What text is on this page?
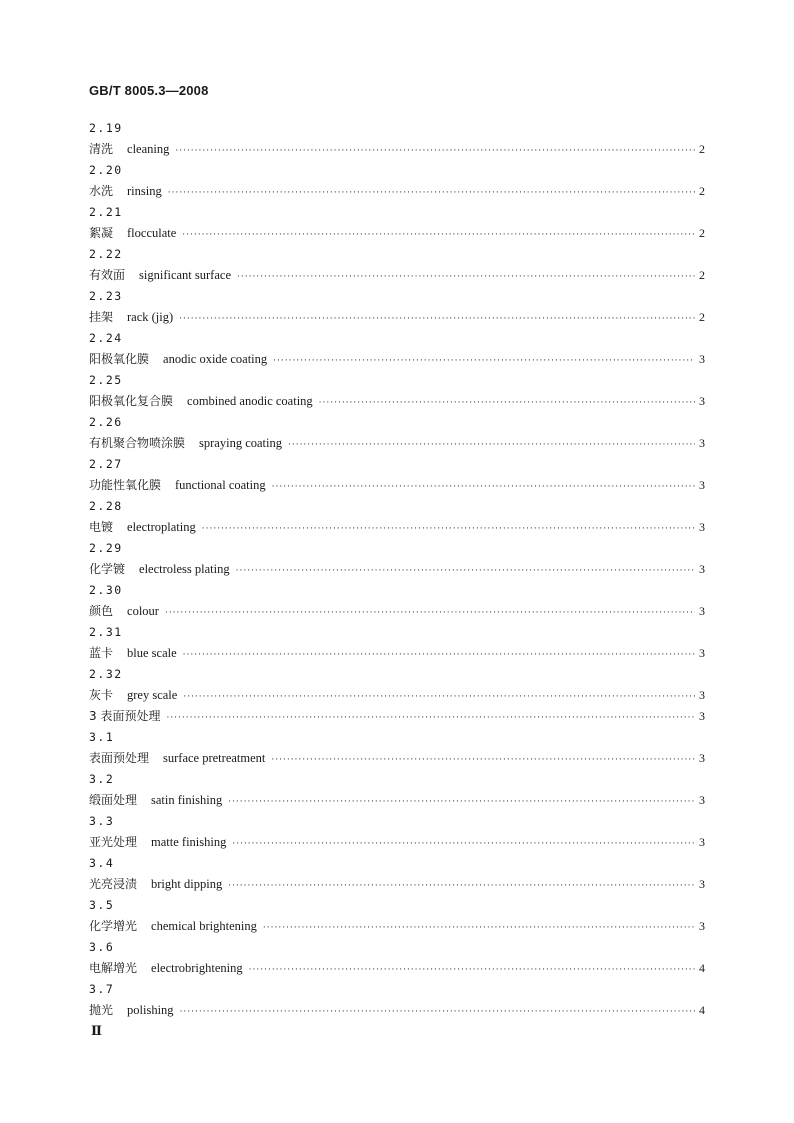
GB/T 8005.3—2008
2.19
清洗 cleaning ·····	2
2.20
水洗 rinsing ·····	2
2.21
絮凝 flocculate ·····	2
2.22
有效面 significant surface ·····	2
2.23
挂架 rack (jig) ·····	2
2.24
阳极氧化膜 anodic oxide coating ·····	3
2.25
阳极氧化复合膜 combined anodic coating ·····	3
2.26
有机聚合物喷涂膜 spraying coating ·····	3
2.27
功能性氧化膜 functional coating ·····	3
2.28
电镀 electroplating ·····	3
2.29
化学镀 electroless plating ·····	3
2.30
颜色 colour ·····	3
2.31
蓝卡 blue scale ·····	3
2.32
灰卡 grey scale ·····	3
3 表面预处理 ·····	3
3.1
表面预处理 surface pretreatment ·····	3
3.2
缎面处理 satin finishing ·····	3
3.3
亚光处理 matte finishing ·····	3
3.4
光亮浸渍 bright dipping ·····	3
3.5
化学增光 chemical brightening ·····	3
3.6
电解增光 electrobrightening ·····	4
3.7
抛光 polishing ·····	4
Ⅱ
